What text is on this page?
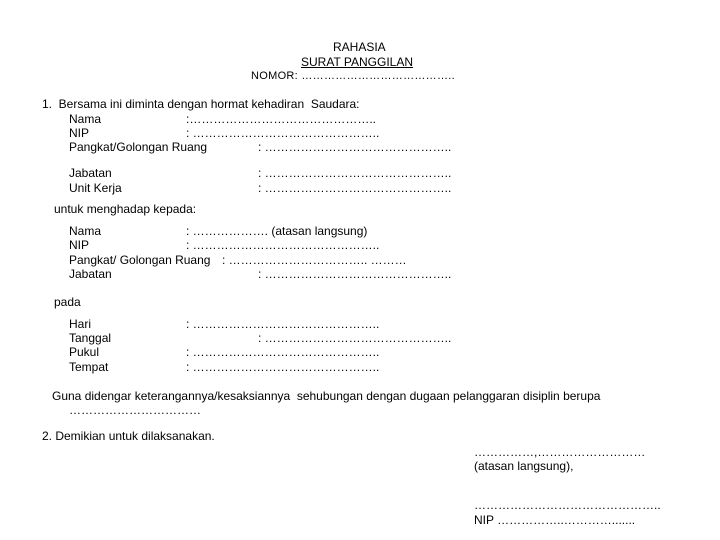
RAHASIA
SURAT PANGGILAN
NOMOR: …………………………………..
1.  Bersama ini diminta dengan hormat kehadiran  Saudara:
Nama	:………………………………………..
NIP	: ………………………………………..
Pangkat/Golongan Ruang	: ………………………………………..
Jabatan	: ………………………………………..
Unit Kerja	: ………………………………………..
untuk menghadap kepada:
Nama	: ………………. (atasan langsung)
NIP	: ………………………………………..
Pangkat/ Golongan Ruang : …………………………….. ………
Jabatan	: ………………………………………..
pada
Hari	: ………………………………………..
Tanggal	: ………………………………………..
Pukul	: ………………………………………..
Tempat	: ………………………………………..
Guna didengar keterangannya/kesaksiannya  sehubungan dengan dugaan pelanggaran disiplin berupa
……………………………
2. Demikian untuk dilaksanakan.
……………,………………………
(atasan langsung),
………………………………………..
NIP ……………..………….......
